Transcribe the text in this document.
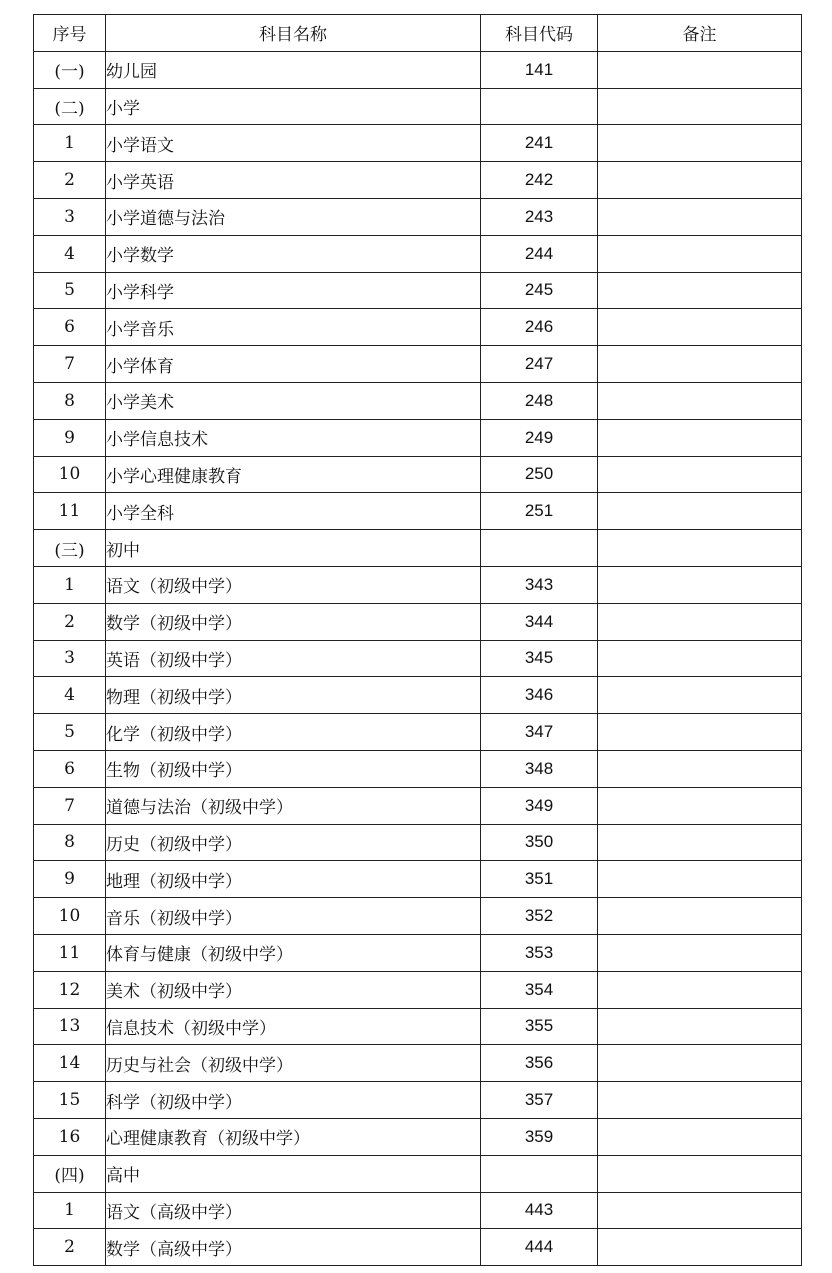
序号	科目名称	科目代码	备注
(一)	幼儿园	141	
(二)	小学		
1	小学语文	241	
2	小学英语	242	
3	小学道德与法治	243	
4	小学数学	244	
5	小学科学	245	
6	小学音乐	246	
7	小学体育	247	
8	小学美术	248	
9	小学信息技术	249	
10	小学心理健康教育	250	
11	小学全科	251	
(三)	初中		
1	语文（初级中学）	343	
2	数学（初级中学）	344	
3	英语（初级中学）	345	
4	物理（初级中学）	346	
5	化学（初级中学）	347	
6	生物（初级中学）	348	
7	道德与法治（初级中学）	349	
8	历史（初级中学）	350	
9	地理（初级中学）	351	
10	音乐（初级中学）	352	
11	体育与健康（初级中学）	353	
12	美术（初级中学）	354	
13	信息技术（初级中学）	355	
14	历史与社会（初级中学）	356	
15	科学（初级中学）	357	
16	心理健康教育（初级中学）	359	
(四)	高中		
1	语文（高级中学）	443	
2	数学（高级中学）	444	
